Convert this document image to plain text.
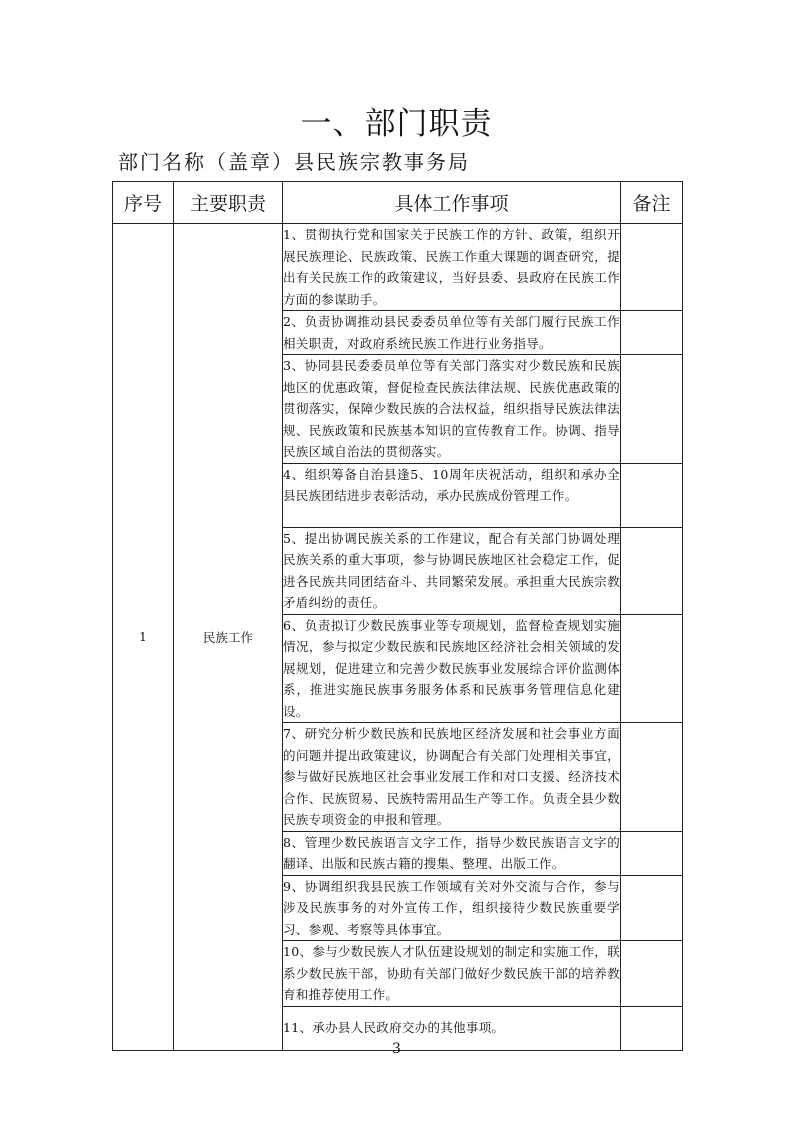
一、部门职责
部门名称（盖章）县民族宗教事务局
序号	主要职责	具体工作事项	备注
1	民族工作	1、贯彻执行党和国家关于民族工作的方针、政策，组织开展民族理论、民族政策、民族工作重大课题的调查研究，提出有关民族工作的政策建议，当好县委、县政府在民族工作方面的参谋助手。	
		2、负责协调推动县民委委员单位等有关部门履行民族工作相关职责，对政府系统民族工作进行业务指导。	
		3、协同县民委委员单位等有关部门落实对少数民族和民族地区的优惠政策，督促检查民族法律法规、民族优惠政策的贯彻落实，保障少数民族的合法权益，组织指导民族法律法规、民族政策和民族基本知识的宣传教育工作。协调、指导民族区域自治法的贯彻落实。	
		4、组织筹备自治县逢5、10周年庆祝活动，组织和承办全县民族团结进步表彰活动，承办民族成份管理工作。	
		5、提出协调民族关系的工作建议，配合有关部门协调处理民族关系的重大事项，参与协调民族地区社会稳定工作，促进各民族共同团结奋斗、共同繁荣发展。承担重大民族宗教矛盾纠纷的责任。	
		6、负责拟订少数民族事业等专项规划，监督检查规划实施情况，参与拟定少数民族和民族地区经济社会相关领域的发展规划，促进建立和完善少数民族事业发展综合评价监测体系，推进实施民族事务服务体系和民族事务管理信息化建设。	
		7、研究分析少数民族和民族地区经济发展和社会事业方面的问题并提出政策建议，协调配合有关部门处理相关事宜，参与做好民族地区社会事业发展工作和对口支援、经济技术合作、民族贸易、民族特需用品生产等工作。负责全县少数民族专项资金的申报和管理。	
		8、管理少数民族语言文字工作，指导少数民族语言文字的翻译、出版和民族古籍的搜集、整理、出版工作。	
		9、协调组织我县民族工作领域有关对外交流与合作，参与涉及民族事务的对外宣传工作，组织接待少数民族重要学习、参观、考察等具体事宜。	
		10、参与少数民族人才队伍建设规划的制定和实施工作，联系少数民族干部，协助有关部门做好少数民族干部的培养教育和推荐使用工作。	
		11、承办县人民政府交办的其他事项。	
3
